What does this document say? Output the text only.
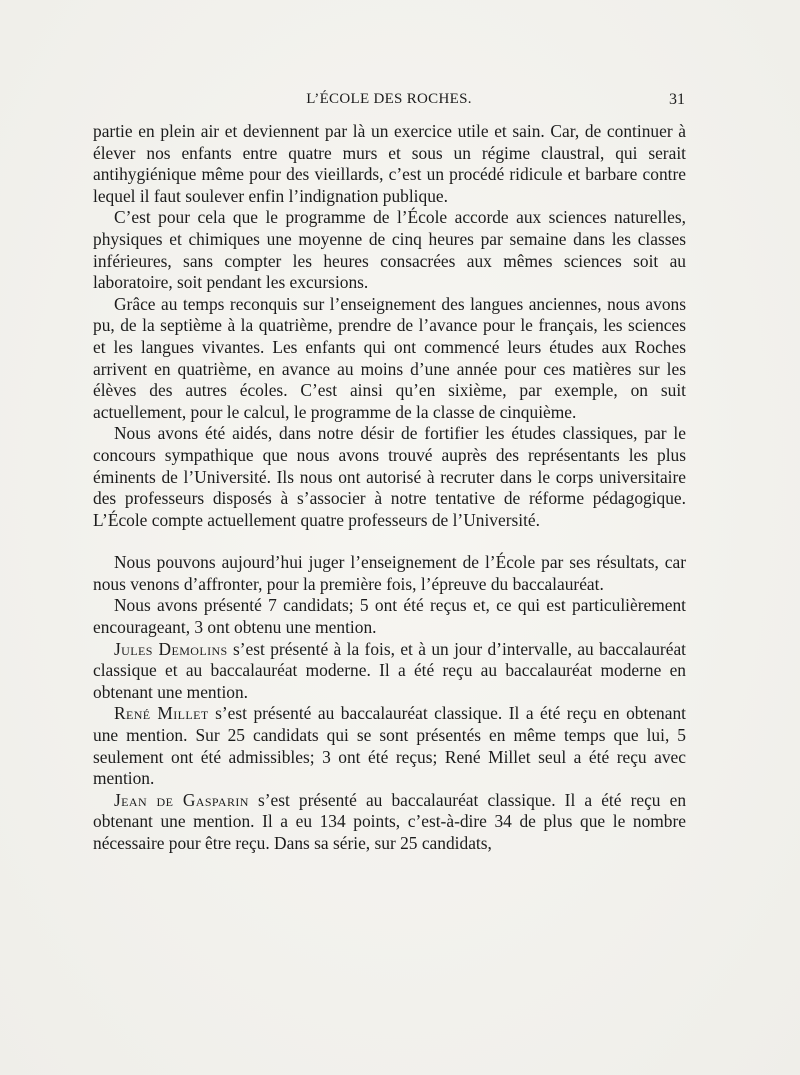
L’ÉCOLE DES ROCHES.	31

partie en plein air et deviennent par là un exercice utile et sain. Car, de continuer à élever nos enfants entre quatre murs et sous un régime claustral, qui serait antihygiénique même pour des vieillards, c’est un procédé ridicule et barbare contre lequel il faut soulever enfin l’indignation publique.

C’est pour cela que le programme de l’École accorde aux sciences naturelles, physiques et chimiques une moyenne de cinq heures par semaine dans les classes inférieures, sans compter les heures consacrées aux mêmes sciences soit au laboratoire, soit pendant les excursions.

Grâce au temps reconquis sur l’enseignement des langues anciennes, nous avons pu, de la septième à la quatrième, prendre de l’avance pour le français, les sciences et les langues vivantes. Les enfants qui ont commencé leurs études aux Roches arrivent en quatrième, en avance au moins d’une année pour ces matières sur les élèves des autres écoles. C’est ainsi qu’en sixième, par exemple, on suit actuellement, pour le calcul, le programme de la classe de cinquième.

Nous avons été aidés, dans notre désir de fortifier les études classiques, par le concours sympathique que nous avons trouvé auprès des représentants les plus éminents de l’Université. Ils nous ont autorisé à recruter dans le corps universitaire des professeurs disposés à s’associer à notre tentative de réforme pédagogique. L’École compte actuellement quatre professeurs de l’Université.

Nous pouvons aujourd’hui juger l’enseignement de l’École par ses résultats, car nous venons d’affronter, pour la première fois, l’épreuve du baccalauréat.

Nous avons présenté 7 candidats; 5 ont été reçus et, ce qui est particulièrement encourageant, 3 ont obtenu une mention.

Jules Demolins s’est présenté à la fois, et à un jour d’intervalle, au baccalauréat classique et au baccalauréat moderne. Il a été reçu au baccalauréat moderne en obtenant une mention.

René Millet s’est présenté au baccalauréat classique. Il a été reçu en obtenant une mention. Sur 25 candidats qui se sont présentés en même temps que lui, 5 seulement ont été admissibles; 3 ont été reçus; René Millet seul a été reçu avec mention.

Jean de Gasparin s’est présenté au baccalauréat classique. Il a été reçu en obtenant une mention. Il a eu 134 points, c’est-à-dire 34 de plus que le nombre nécessaire pour être reçu. Dans sa série, sur 25 candidats,
